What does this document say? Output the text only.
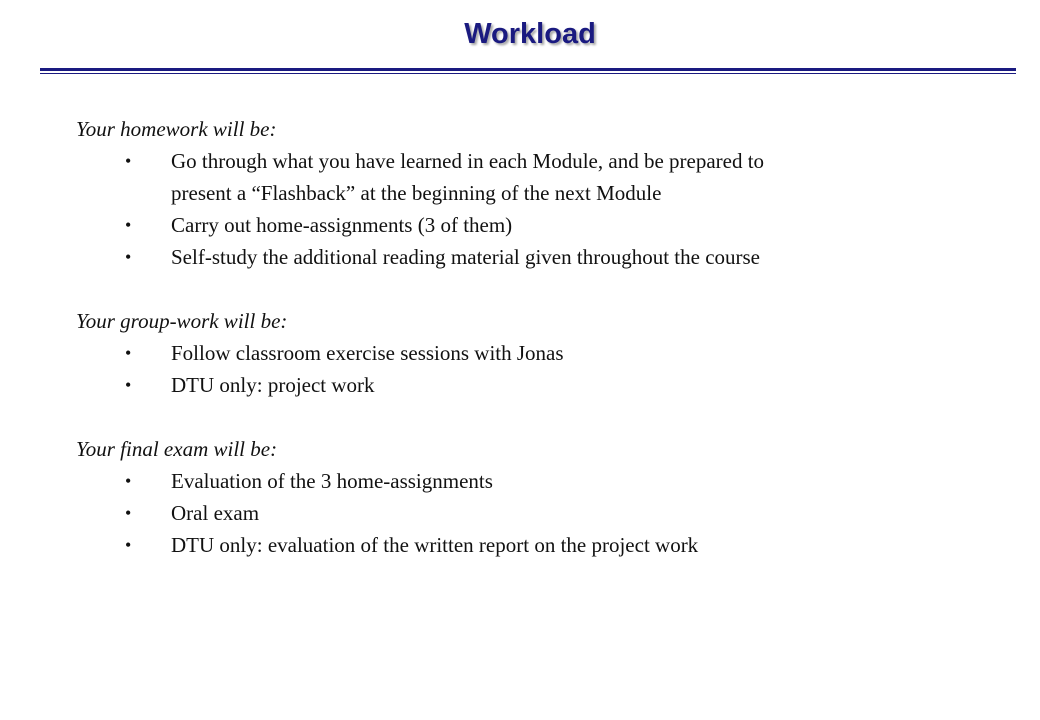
Workload

Your homework will be:

• Go through what you have learned in each Module, and be prepared to present a “Flashback” at the beginning of the next Module
• Carry out home-assignments (3 of them)
• Self-study the additional reading material given throughout the course

Your group-work will be:

• Follow classroom exercise sessions with Jonas
• DTU only: project work

Your final exam will be:

• Evaluation of the 3 home-assignments
• Oral exam
• DTU only: evaluation of the written report on the project work
